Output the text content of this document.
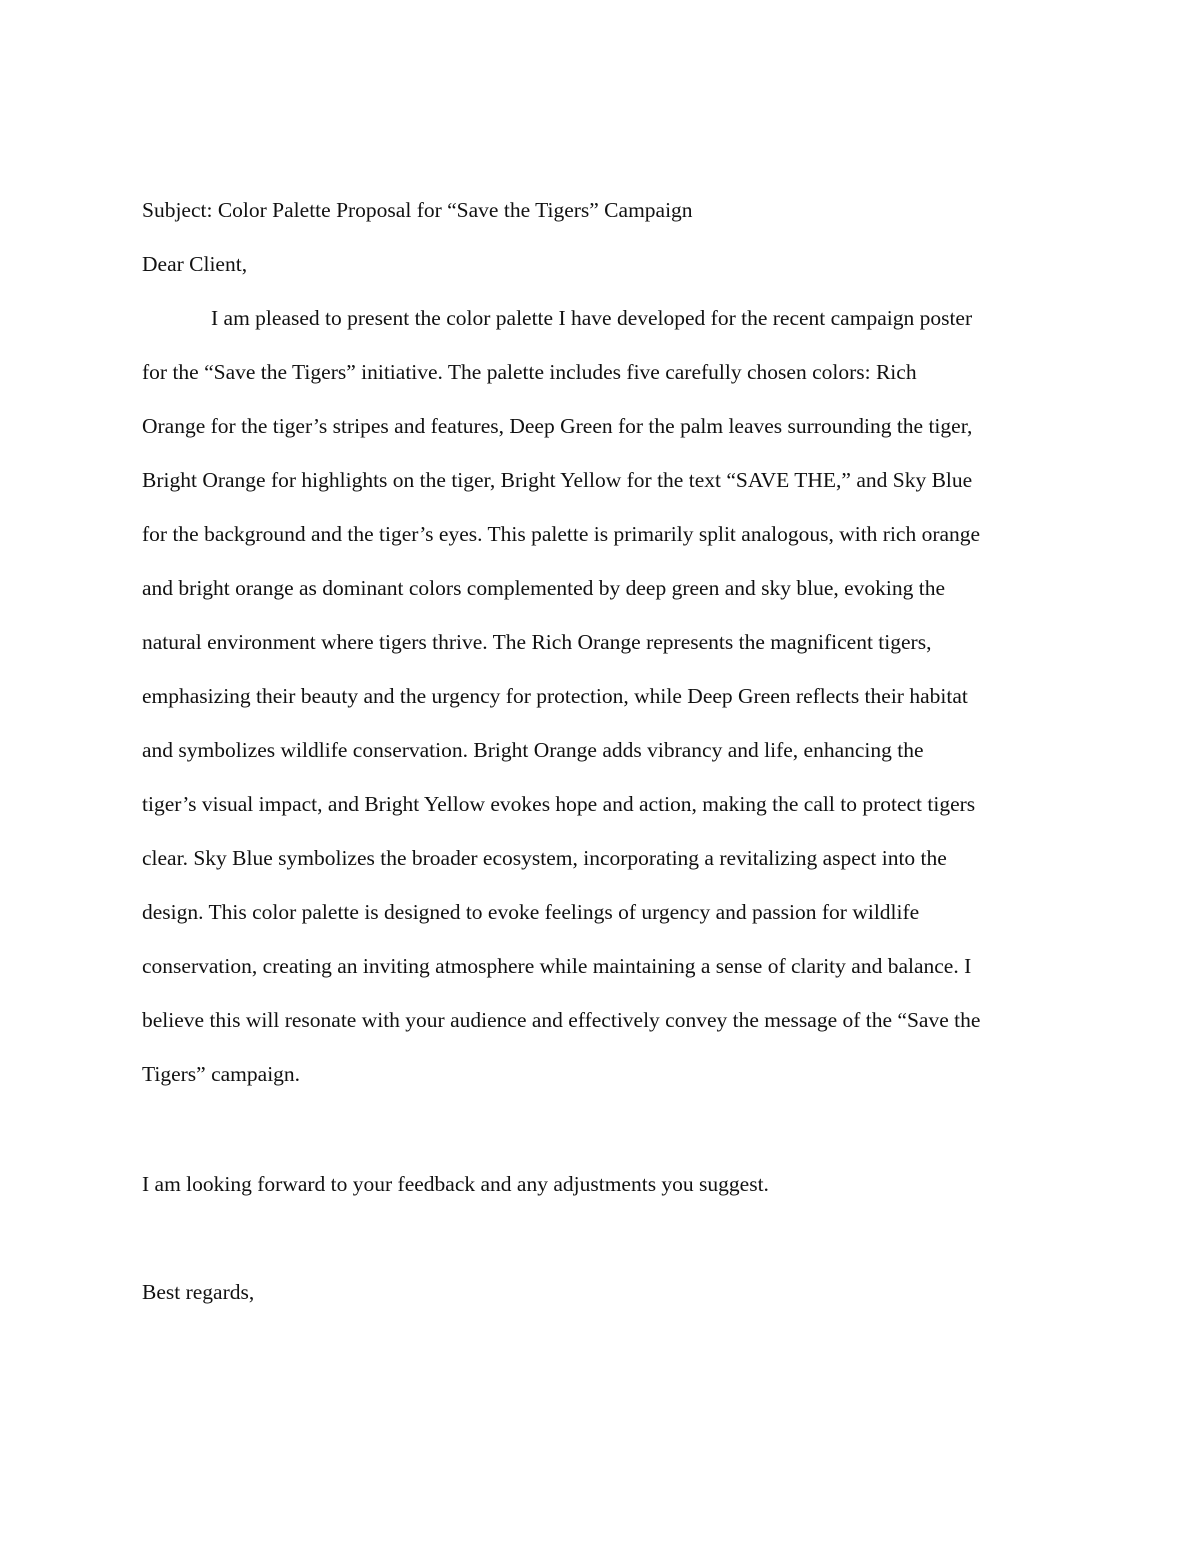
Subject: Color Palette Proposal for “Save the Tigers” Campaign

Dear Client,

I am pleased to present the color palette I have developed for the recent campaign poster
for the “Save the Tigers” initiative. The palette includes five carefully chosen colors: Rich
Orange for the tiger’s stripes and features, Deep Green for the palm leaves surrounding the tiger,
Bright Orange for highlights on the tiger, Bright Yellow for the text “SAVE THE,” and Sky Blue
for the background and the tiger’s eyes. This palette is primarily split analogous, with rich orange
and bright orange as dominant colors complemented by deep green and sky blue, evoking the
natural environment where tigers thrive. The Rich Orange represents the magnificent tigers,
emphasizing their beauty and the urgency for protection, while Deep Green reflects their habitat
and symbolizes wildlife conservation. Bright Orange adds vibrancy and life, enhancing the
tiger’s visual impact, and Bright Yellow evokes hope and action, making the call to protect tigers
clear. Sky Blue symbolizes the broader ecosystem, incorporating a revitalizing aspect into the
design. This color palette is designed to evoke feelings of urgency and passion for wildlife
conservation, creating an inviting atmosphere while maintaining a sense of clarity and balance. I
believe this will resonate with your audience and effectively convey the message of the “Save the
Tigers” campaign.

I am looking forward to your feedback and any adjustments you suggest.

Best regards,
